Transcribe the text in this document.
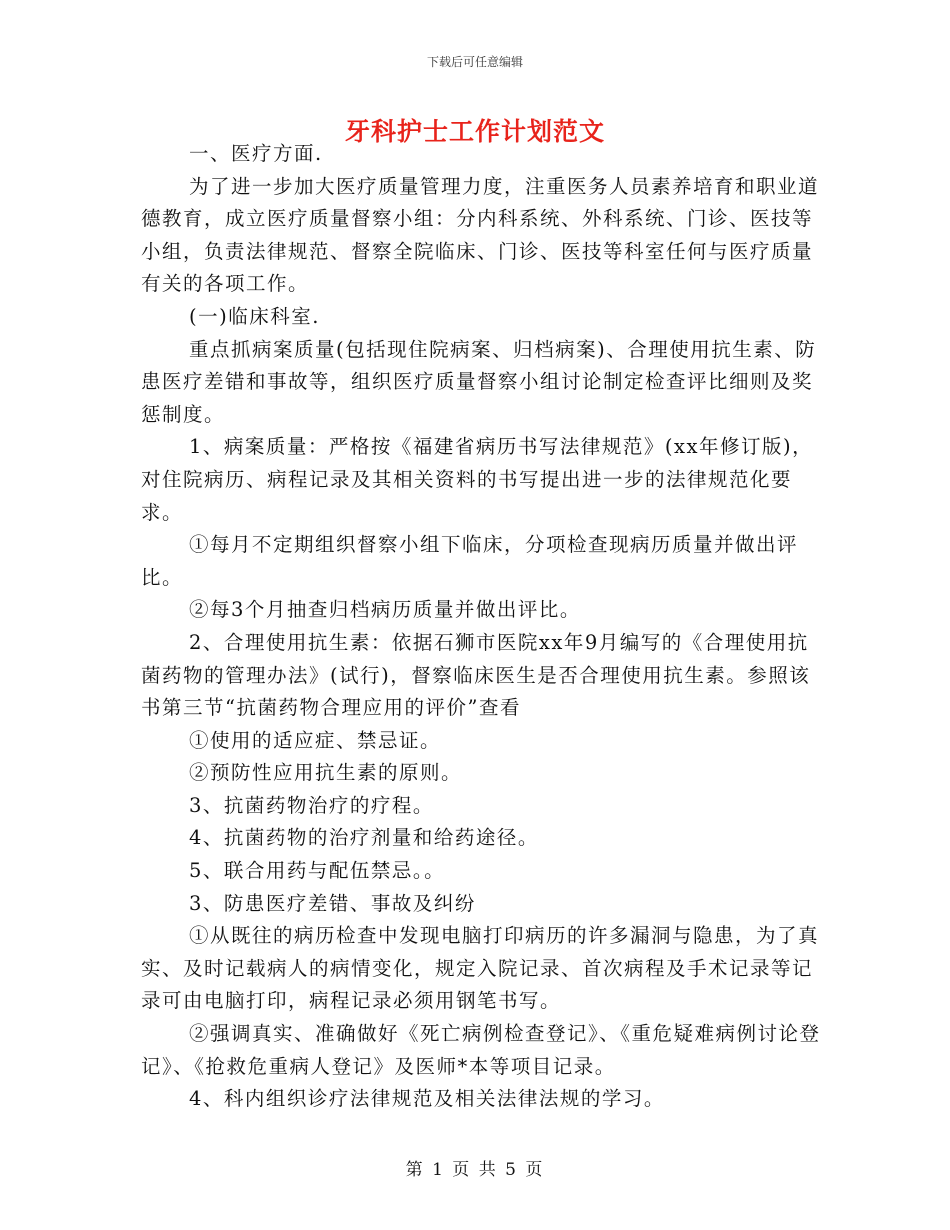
下载后可任意编辑
牙科护士工作计划范文

一、医疗方面.

为了进一步加大医疗质量管理力度，注重医务人员素养培育和职业道德教育，成立医疗质量督察小组：分内科系统、外科系统、门诊、医技等小组，负责法律规范、督察全院临床、门诊、医技等科室任何与医疗质量有关的各项工作。

(一)临床科室.

重点抓病案质量(包括现住院病案、归档病案)、合理使用抗生素、防患医疗差错和事故等，组织医疗质量督察小组讨论制定检查评比细则及奖惩制度。

1、病案质量：严格按《福建省病历书写法律规范》(xx年修订版)，对住院病历、病程记录及其相关资料的书写提出进一步的法律规范化要求。

①每月不定期组织督察小组下临床，分项检查现病历质量并做出评比。

②每3个月抽查归档病历质量并做出评比。

2、合理使用抗生素：依据石狮市医院xx年9月编写的《合理使用抗菌药物的管理办法》(试行)，督察临床医生是否合理使用抗生素。参照该书第三节“抗菌药物合理应用的评价”查看

①使用的适应症、禁忌证。

②预防性应用抗生素的原则。

3、抗菌药物治疗的疗程。

4、抗菌药物的治疗剂量和给药途径。

5、联合用药与配伍禁忌。。

3、防患医疗差错、事故及纠纷

①从既往的病历检查中发现电脑打印病历的许多漏洞与隐患，为了真实、及时记载病人的病情变化，规定入院记录、首次病程及手术记录等记录可由电脑打印，病程记录必须用钢笔书写。

②强调真实、准确做好《死亡病例检查登记》、《重危疑难病例讨论登记》、《抢救危重病人登记》及医师*本等项目记录。

4、科内组织诊疗法律规范及相关法律法规的学习。

第 1 页 共 5 页
